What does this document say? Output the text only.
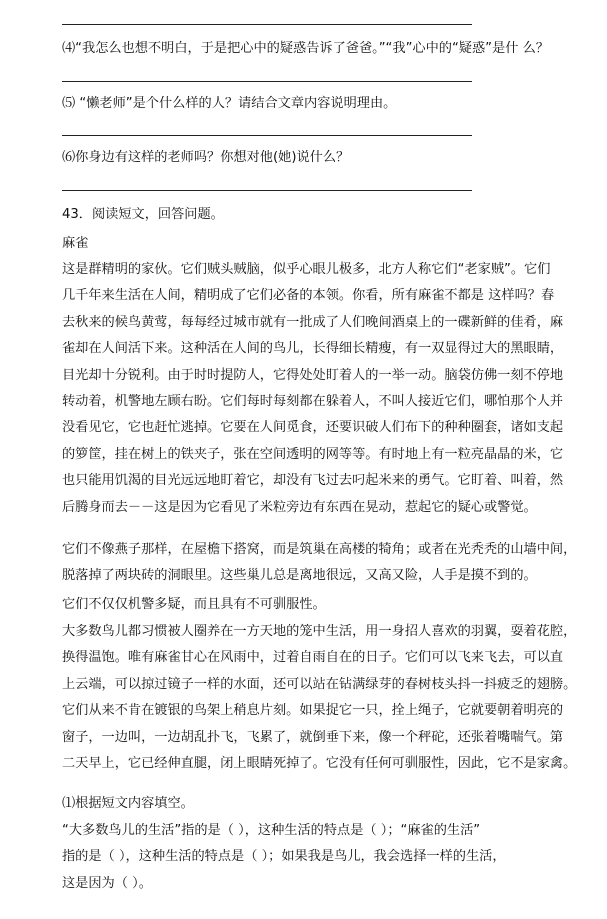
⑷“我怎么也想不明白，于是把心中的疑惑告诉了爸爸。”“我”心中的“疑惑”是什 么？
⑸ “懒老师”是个什么样的人？请结合文章内容说明理由。
⑹你身边有这样的老师吗？你想对他(她)说什么？
43．阅读短文，回答问题。
麻雀
这是群精明的家伙。它们贼头贼脑，似乎心眼儿极多，北方人称它们“老家贼”。它们
几千年来生活在人间，精明成了它们必备的本领。你看，所有麻雀不都是 这样吗？春
去秋来的候鸟黄莺，每每经过城市就有一批成了人们晚间酒桌上的一碟新鲜的佳肴，麻
雀却在人间活下来。这种活在人间的鸟儿，长得细长精瘦，有一双显得过大的黑眼睛，
目光却十分锐利。由于时时提防人，它得处处盯着人的一举一动。脑袋仿佛一刻不停地
转动着，机警地左顾右盼。它们每时每刻都在躲着人，不叫人接近它们，哪怕那个人并
没看见它，它也赶忙逃掉。它要在人间觅食，还要识破人们布下的种种圈套，诸如支起
的箩筐，挂在树上的铁夹子，张在空间透明的网等等。有时地上有一粒亮晶晶的米，它
也只能用饥渴的目光远远地盯着它，却没有飞过去叼起米来的勇气。它盯着、叫着，然
后腾身而去－－这是因为它看见了米粒旁边有东西在晃动，惹起它的疑心或警觉。
它们不像燕子那样，在屋檐下搭窝，而是筑巢在高楼的犄角；或者在光秃秃的山墙中间，
脱落掉了两块砖的洞眼里。这些巢儿总是离地很远，又高又险，人手是摸不到的。
它们不仅仅机警多疑，而且具有不可驯服性。
大多数鸟儿都习惯被人圈养在一方天地的笼中生活，用一身招人喜欢的羽翼，耍着花腔，
换得温饱。唯有麻雀甘心在风雨中，过着自雨自在的日子。它们可以飞来飞去，可以直
上云端，可以掠过镜子一样的水面，还可以站在钻满绿芽的春树枝头抖一抖疲乏的翅膀。
它们从来不肯在镀银的鸟架上稍息片刻。如果捉它一只，拴上绳子，它就要朝着明亮的
窗子，一边叫，一边胡乱扑飞，飞累了，就倒垂下来，像一个秤砣，还张着嘴喘气。第
二天早上，它已经伸直腿，闭上眼睛死掉了。它没有任何可驯服性，因此，它不是家禽。
⑴根据短文内容填空。
“大多数鸟儿的生活”指的是（ ），这种生活的特点是（ ）；“麻雀的生活”
指的是（ ），这种生活的特点是（ ）；如果我是鸟儿，我会选择一样的生活，
这是因为（ ）。
